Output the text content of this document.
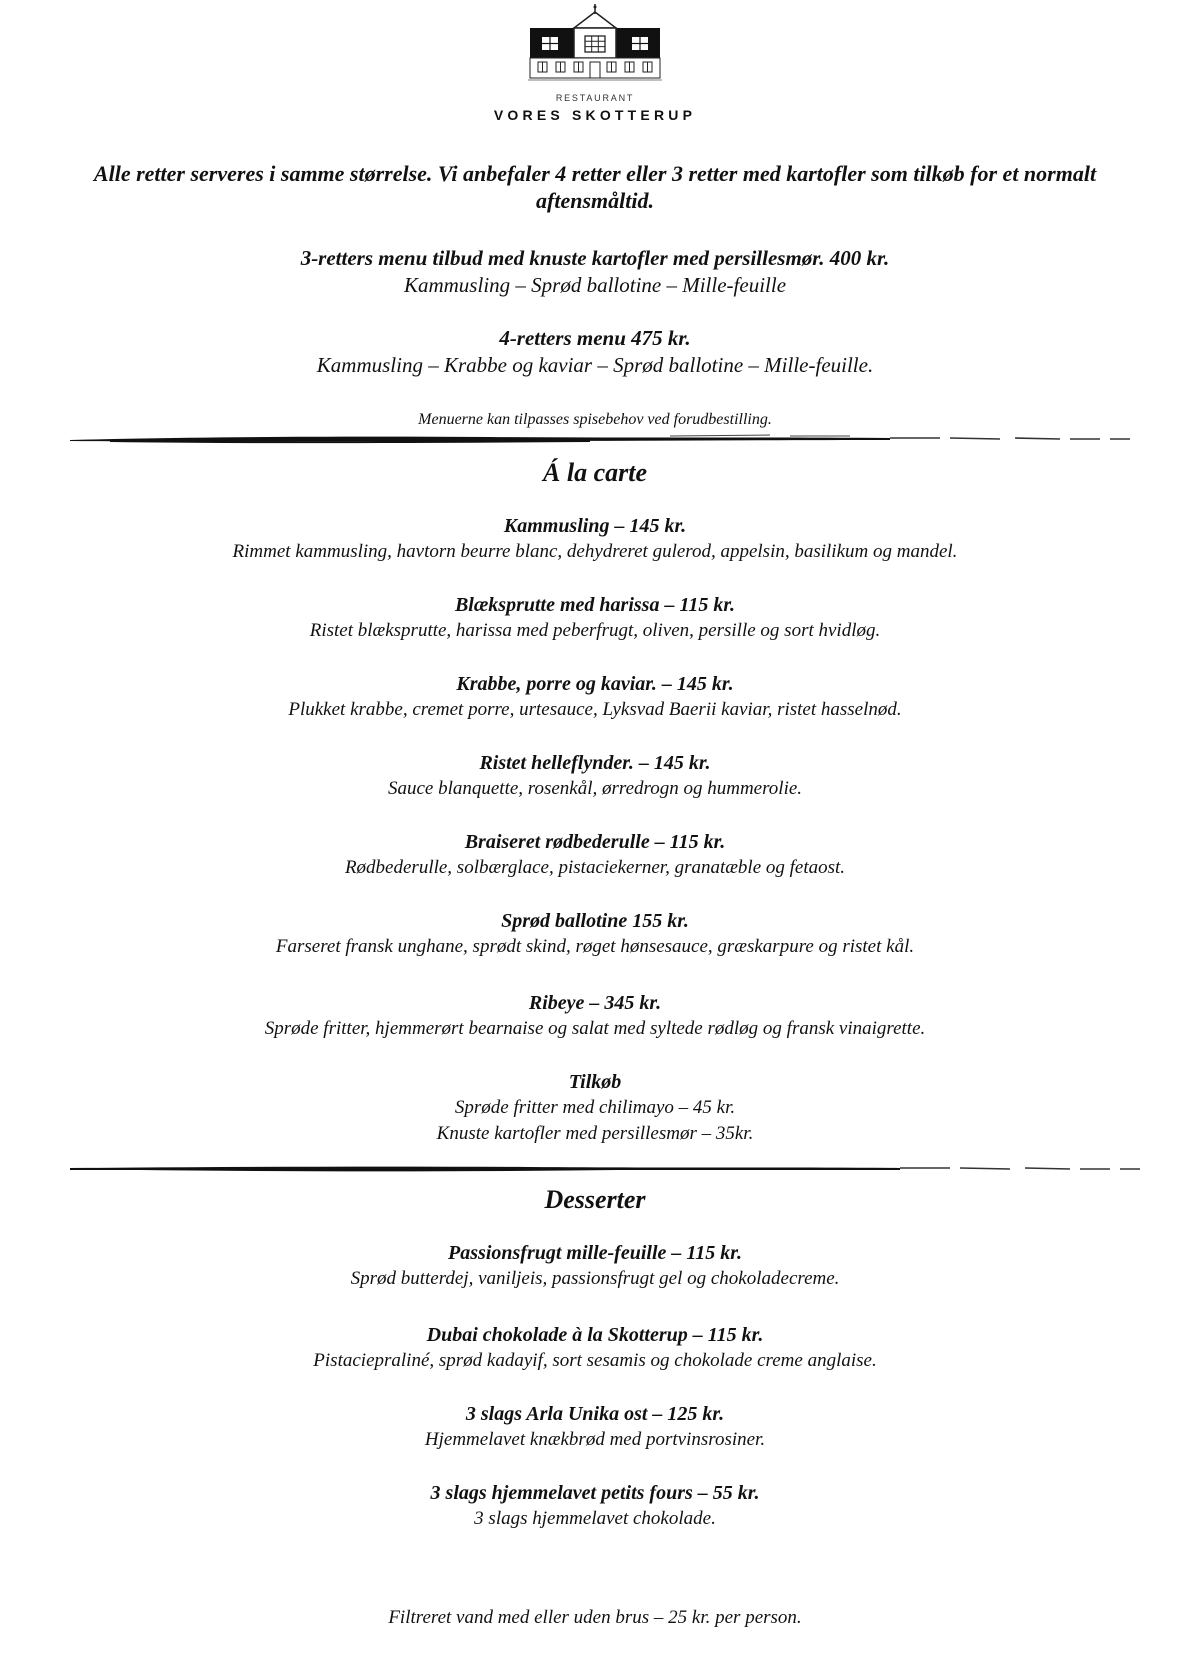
RESTAURANT
VORES SKOTTERUP
Alle retter serveres i samme størrelse. Vi anbefaler 4 retter eller 3 retter med kartofler som tilkøb for et normalt aftensmåltid.
3-retters menu tilbud med knuste kartofler med persillesmør. 400 kr.
Kammusling – Sprød ballotine – Mille-feuille
4-retters menu 475 kr.
Kammusling – Krabbe og kaviar – Sprød ballotine – Mille-feuille.
Menuerne kan tilpasses spisebehov ved forudbestilling.
Á la carte
Kammusling – 145 kr.
Rimmet kammusling, havtorn beurre blanc, dehydreret gulerod, appelsin, basilikum og mandel.
Blæksprutte med harissa – 115 kr.
Ristet blæksprutte, harissa med peberfrugt, oliven, persille og sort hvidløg.
Krabbe, porre og kaviar. – 145 kr.
Plukket krabbe, cremet porre, urtesauce, Lyksvad Baerii kaviar, ristet hasselnød.
Ristet helleflynder. – 145 kr.
Sauce blanquette, rosenkål, ørredrogn og hummerolie.
Braiseret rødbederulle – 115 kr.
Rødbederulle, solbærglace, pistaciekerner, granatæble og fetaost.
Sprød ballotine 155 kr.
Farseret fransk unghane, sprødt skind, røget hønsesauce, græskarpure og ristet kål.
Ribeye – 345 kr.
Sprøde fritter, hjemmerørt bearnaise og salat med syltede rødløg og fransk vinaigrette.
Tilkøb
Sprøde fritter med chilimayo – 45 kr.
Knuste kartofler med persillesmør – 35kr.
Desserter
Passionsfrugt mille-feuille – 115 kr.
Sprød butterdej, vaniljeis, passionsfrugt gel og chokoladecreme.
Dubai chokolade à la Skotterup – 115 kr.
Pistaciepraliné, sprød kadayif, sort sesamis og chokolade creme anglaise.
3 slags Arla Unika ost – 125 kr.
Hjemmelavet knækbrød med portvinsrosiner.
3 slags hjemmelavet petits fours – 55 kr.
3 slags hjemmelavet chokolade.
Filtreret vand med eller uden brus – 25 kr. per person.
